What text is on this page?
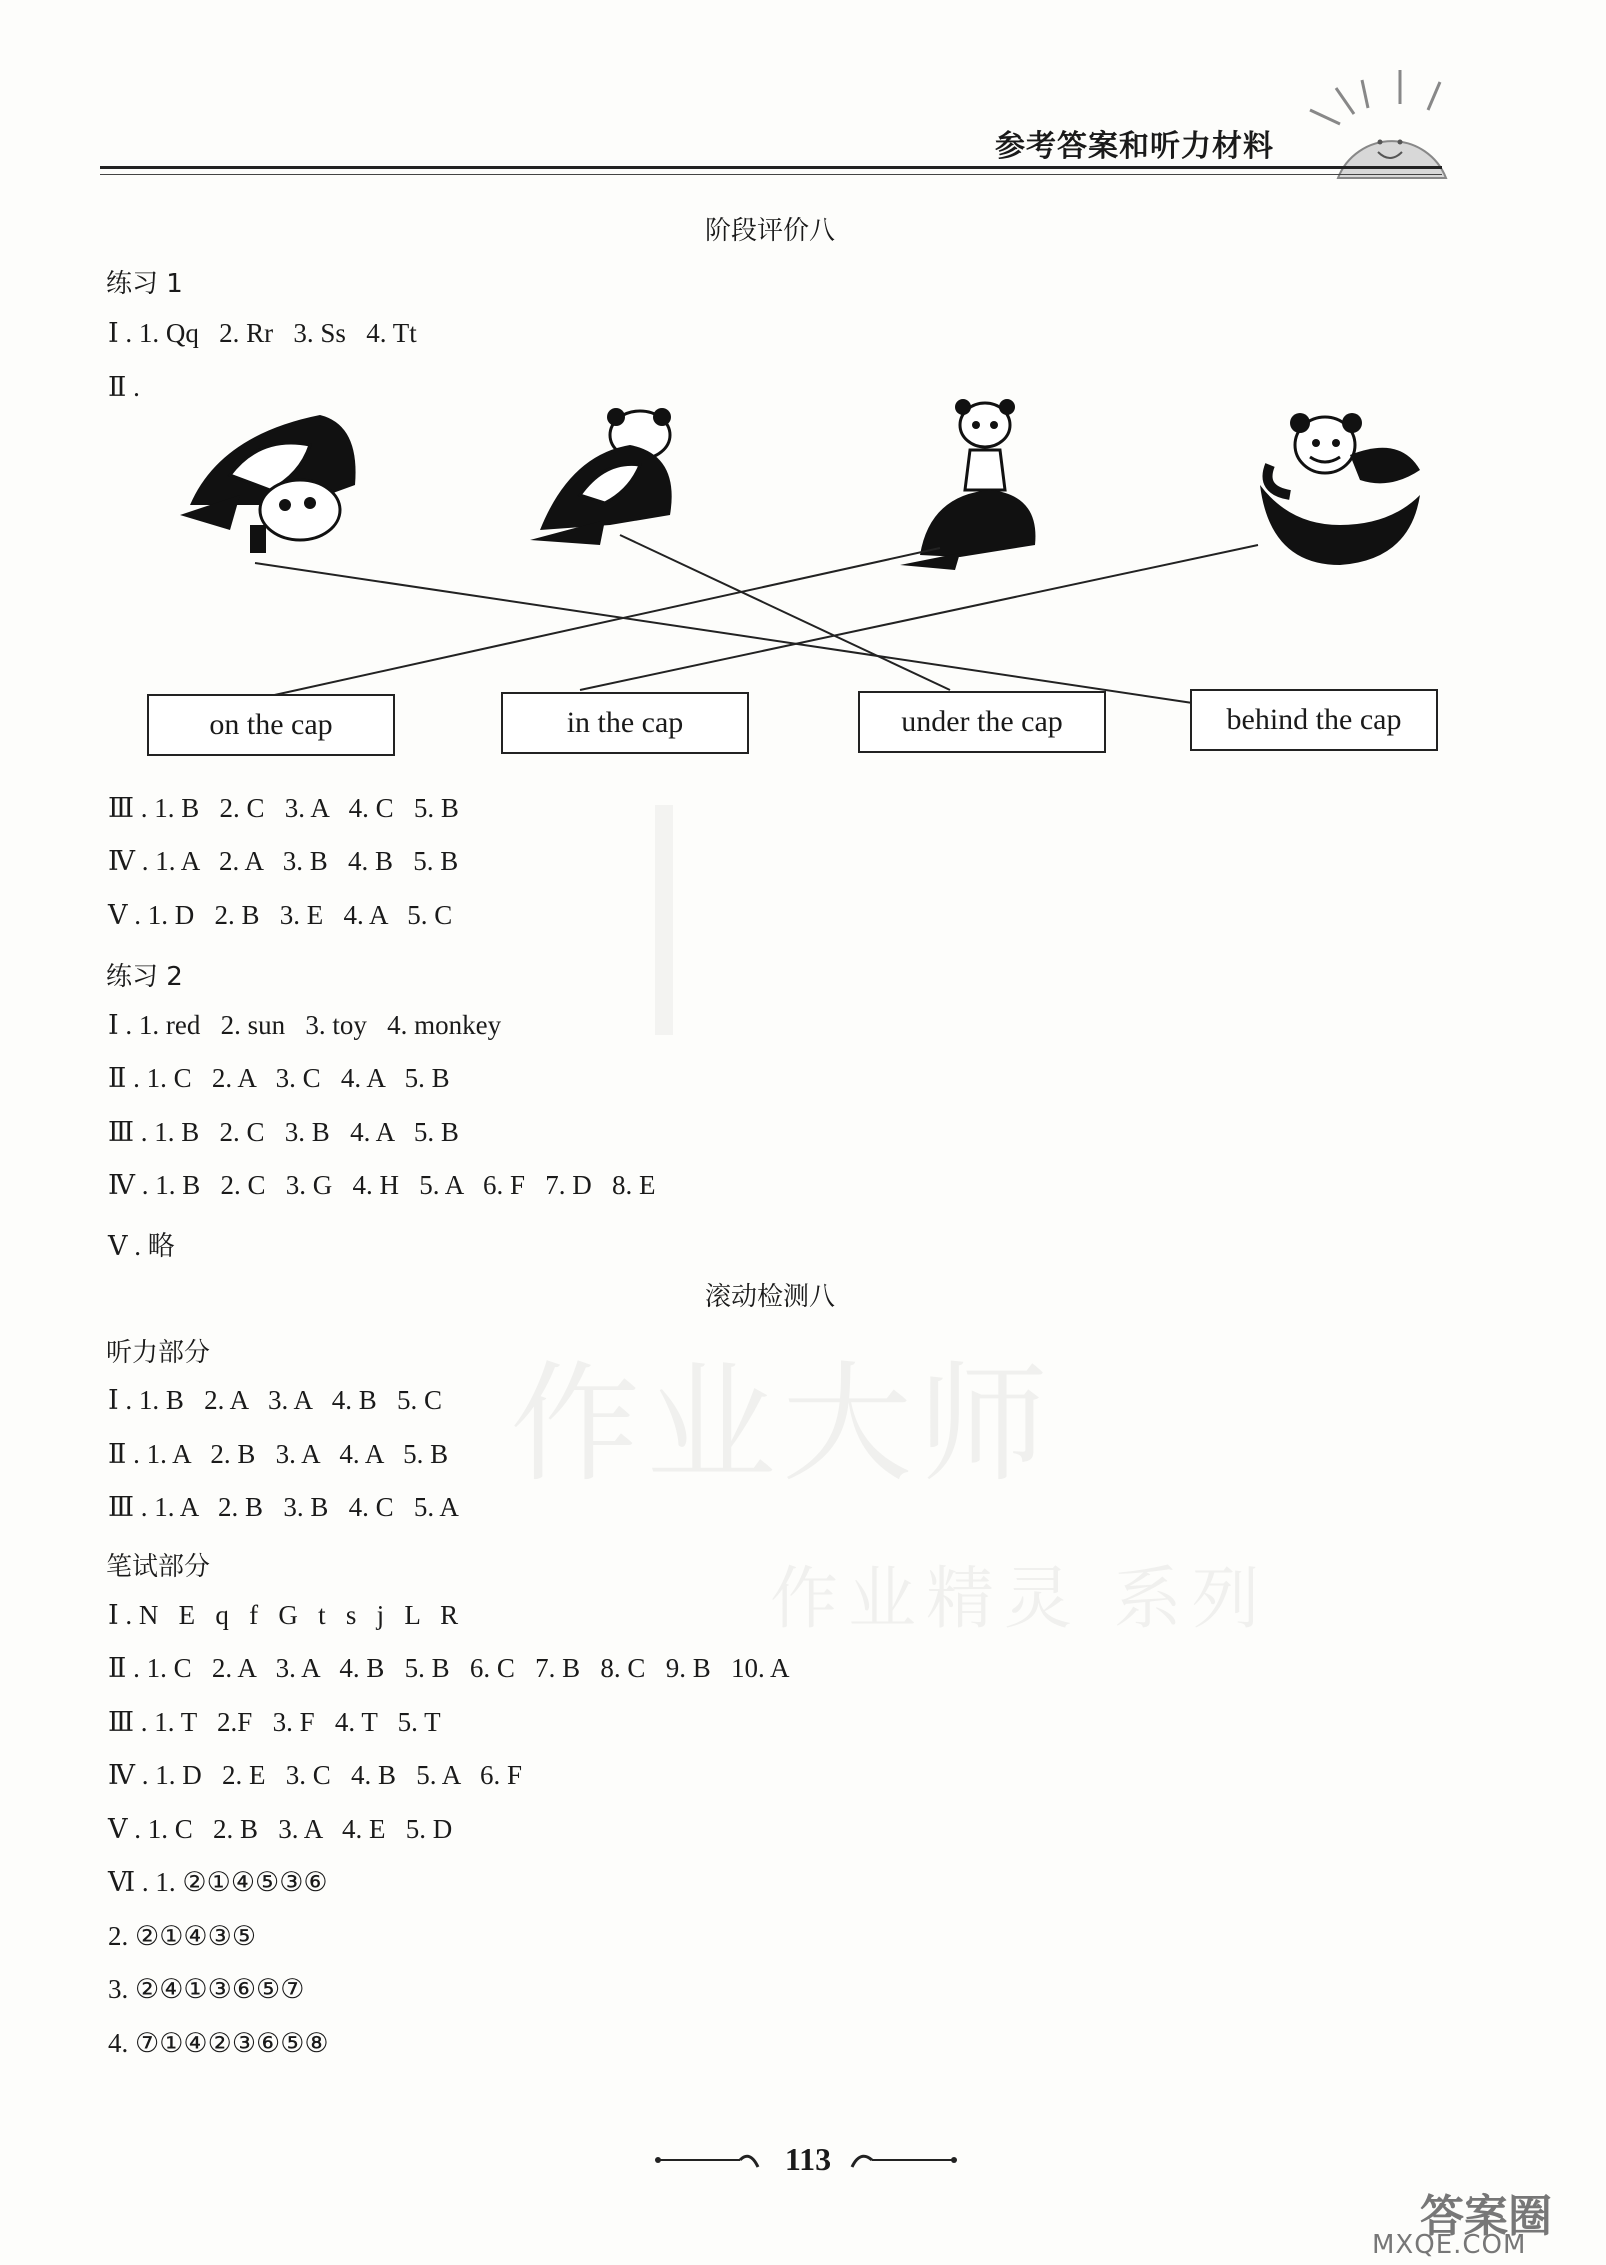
作业大师
作业精灵 系列
参考答案和听力材料
阶段评价八
练习 1
Ⅰ . 1. Qq   2. Rr   3. Ss   4. Tt
Ⅱ .
on the cap	in the cap	under the cap	behind the cap
Ⅲ . 1. B   2. C   3. A   4. C   5. B
Ⅳ . 1. A   2. A   3. B   4. B   5. B
Ⅴ . 1. D   2. B   3. E   4. A   5. C
练习 2
Ⅰ . 1. red   2. sun   3. toy   4. monkey
Ⅱ . 1. C   2. A   3. C   4. A   5. B
Ⅲ . 1. B   2. C   3. B   4. A   5. B
Ⅳ . 1. B   2. C   3. G   4. H   5. A   6. F   7. D   8. E
Ⅴ . 略
滚动检测八
听力部分
Ⅰ . 1. B   2. A   3. A   4. B   5. C
Ⅱ . 1. A   2. B   3. A   4. A   5. B
Ⅲ . 1. A   2. B   3. B   4. C   5. A
笔试部分
Ⅰ . N   E   q   f   G   t   s   j   L   R
Ⅱ . 1. C   2. A   3. A   4. B   5. B   6. C   7. B   8. C   9. B   10. A
Ⅲ . 1. T   2.F   3. F   4. T   5. T
Ⅳ . 1. D   2. E   3. C   4. B   5. A   6. F
Ⅴ . 1. C   2. B   3. A   4. E   5. D
Ⅵ . 1. ②①④⑤③⑥
2. ②①④③⑤
3. ②④①③⑥⑤⑦
4. ⑦①④②③⑥⑤⑧
113
答案圈
MXQE.COM
